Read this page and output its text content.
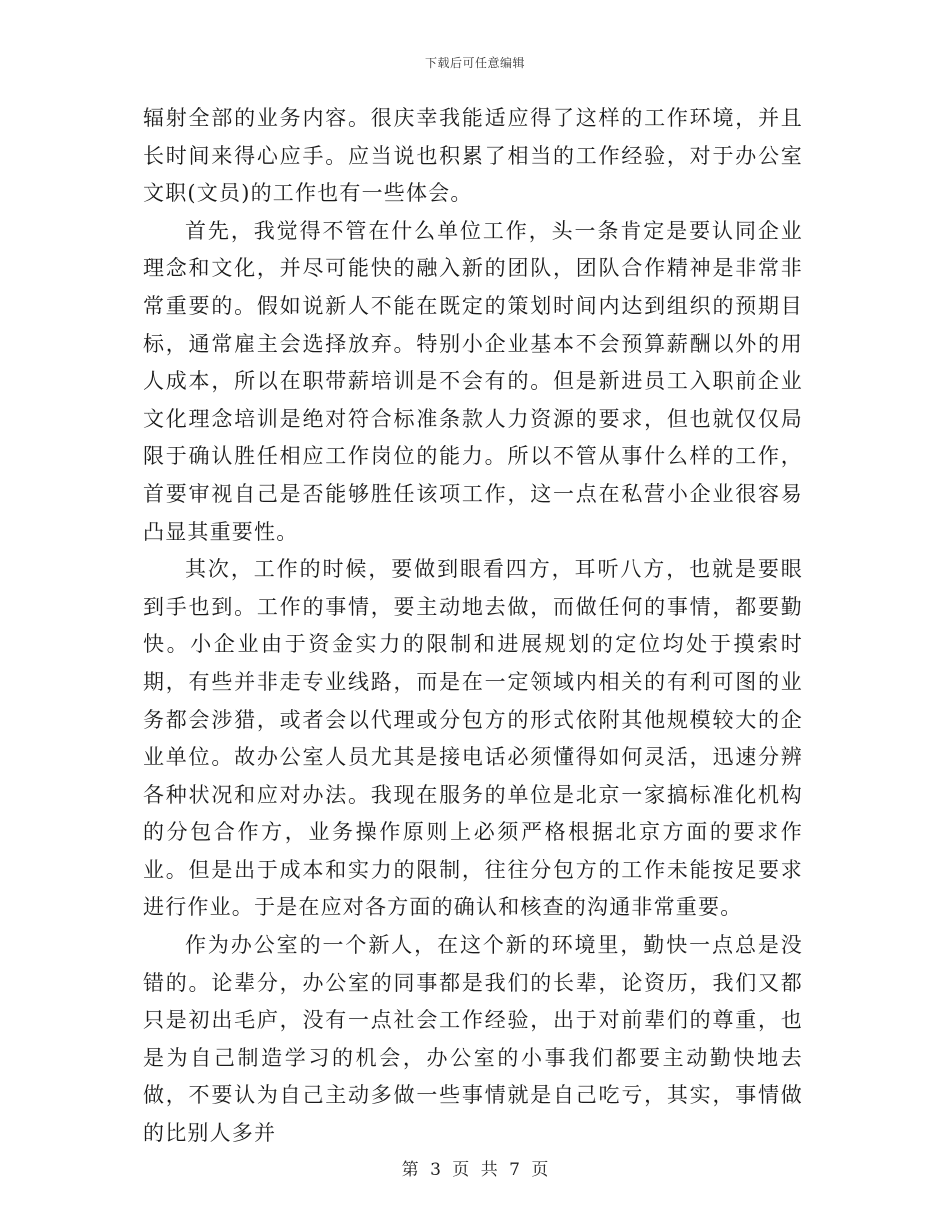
下载后可任意编辑

辐射全部的业务内容。很庆幸我能适应得了这样的工作环境，并且长时间来得心应手。应当说也积累了相当的工作经验，对于办公室文职(文员)的工作也有一些体会。

首先，我觉得不管在什么单位工作，头一条肯定是要认同企业理念和文化，并尽可能快的融入新的团队，团队合作精神是非常非常重要的。假如说新人不能在既定的策划时间内达到组织的预期目标，通常雇主会选择放弃。特别小企业基本不会预算薪酬以外的用人成本，所以在职带薪培训是不会有的。但是新进员工入职前企业文化理念培训是绝对符合标准条款人力资源的要求，但也就仅仅局限于确认胜任相应工作岗位的能力。所以不管从事什么样的工作，首要审视自己是否能够胜任该项工作，这一点在私营小企业很容易凸显其重要性。

其次，工作的时候，要做到眼看四方，耳听八方，也就是要眼到手也到。工作的事情，要主动地去做，而做任何的事情，都要勤快。小企业由于资金实力的限制和进展规划的定位均处于摸索时期，有些并非走专业线路，而是在一定领域内相关的有利可图的业务都会涉猎，或者会以代理或分包方的形式依附其他规模较大的企业单位。故办公室人员尤其是接电话必须懂得如何灵活，迅速分辨各种状况和应对办法。我现在服务的单位是北京一家搞标准化机构的分包合作方，业务操作原则上必须严格根据北京方面的要求作业。但是出于成本和实力的限制，往往分包方的工作未能按足要求进行作业。于是在应对各方面的确认和核查的沟通非常重要。

作为办公室的一个新人，在这个新的环境里，勤快一点总是没错的。论辈分，办公室的同事都是我们的长辈，论资历，我们又都只是初出毛庐，没有一点社会工作经验，出于对前辈们的尊重，也是为自己制造学习的机会，办公室的小事我们都要主动勤快地去做，不要认为自己主动多做一些事情就是自己吃亏，其实，事情做的比别人多并

第 3 页 共 7 页
